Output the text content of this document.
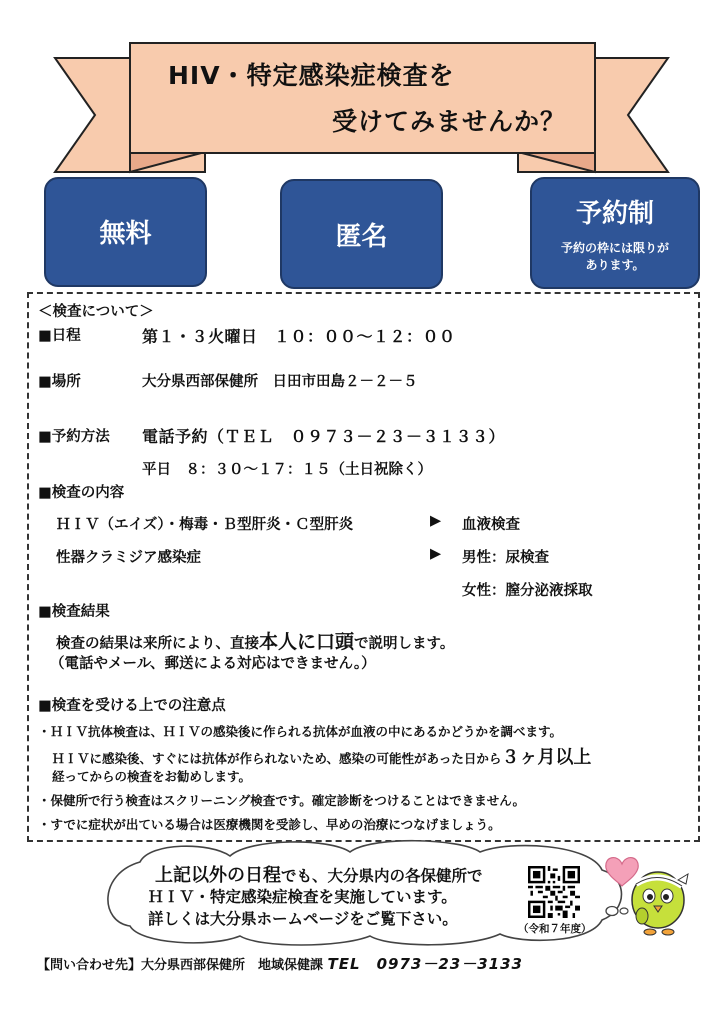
HIV・特定感染症検査を
受けてみませんか？
無料	匿名
予約制
予約の枠には限りが
あります。
＜検査について＞
■日程	第１・３火曜日　１０：００～１２：００
■場所	大分県西部保健所　日田市田島２－２－５
■予約方法 電話予約（ＴＥＬ　０９７３－２３－３１３３）
平日　８：３０～１７：１５（土日祝除く）
■検査の内容
ＨＩＶ（エイズ）・梅毒・Ｂ型肝炎・Ｃ型肝炎	▶ 血液検査
性器クラミジア感染症	▶ 男性：尿検査
女性：膣分泌液採取
■検査結果
検査の結果は来所により、直接本人に口頭で説明します。
（電話やメール、郵送による対応はできません。）
■検査を受ける上での注意点
・ＨＩＶ抗体検査は、ＨＩＶの感染後に作られる抗体が血液の中にあるかどうかを調べます。
ＨＩＶに感染後、すぐには抗体が作られないため、感染の可能性があった日から３ヶ月以上
経ってからの検査をお勧めします。
・保健所で行う検査はスクリーニング検査です。確定診断をつけることはできません。
・すでに症状が出ている場合は医療機関を受診し、早めの治療につなげましょう。
上記以外の日程でも、大分県内の各保健所で
ＨＩＶ・特定感染症検査を実施しています。
詳しくは大分県ホームページをご覧下さい。
（令和７年度）
【問い合わせ先】大分県西部保健所　地域保健課 TEL　0973－23－3133
